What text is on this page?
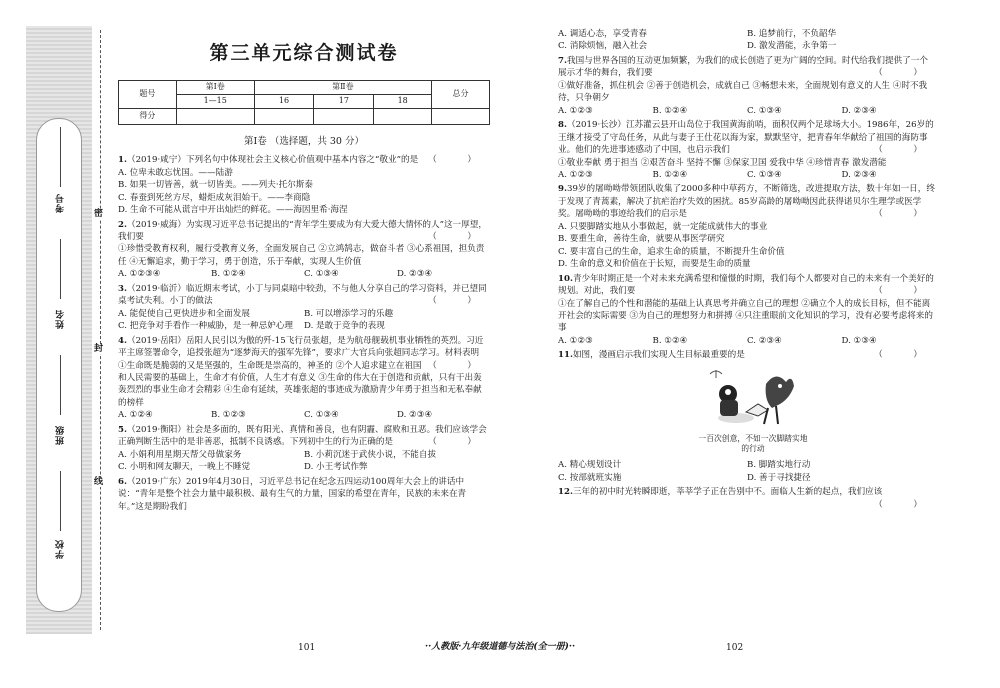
学校
班级
姓名
考号
密
封
线
第三单元综合测试卷
题号	第Ⅰ卷	第Ⅱ卷			总分
	1—15	16	17	18	
得分					
第Ⅰ卷 （选择题，共 30 分）

1.（2019·咸宁）下列名句中体现社会主义核心价值观中基本内容之“敬业”的是 （ ）

A. 位卑未敢忘忧国。——陆游

B. 如果一切皆善，就一切皆美。——列夫·托尔斯泰

C. 春蚕到死丝方尽，蜡炬成灰泪始干。——李商隐

D. 生命不可能从谎言中开出灿烂的鲜花。——海因里希·海涅

2.（2019·威海）为实现习近平总书记提出的“青年学生要成为有大爱大德大情怀的人”这一厚望，我们要	（ ）

①珍惜受教育权利，履行受教育义务，全面发展自己 ②立鸿鹄志，做奋斗者 ③心系祖国，担负责任 ④无懈追求，勤于学习，勇于创造，乐于奉献，实现人生价值

A. ①②③④	B. ①②④	C. ①③④	D. ②③④

3.（2019·临沂）临近期末考试，小丁与同桌暗中较劲，不与他人分享自己的学习资料，并已望同桌考试失利。小丁的做法	（ ）

A. 能促使自己更快进步和全面发展	B. 可以增添学习的乐趣
C. 把竞争对手看作一种威胁，是一种忌妒心理	D. 是敢于竞争的表现

4.（2019·岳阳）岳阳人民引以为傲的歼-15飞行员张超，是为航母舰载机事业牺牲的英烈。习近平主席签署命令，追授张超为“逐梦海天的强军先锋”，要求广大官兵向张超同志学习。材料表明
（ ）

①生命既是脆弱的又是坚强的，生命既是崇高的，神圣的 ②个人追求建立在祖国和人民需要的基础上，生命才有价值，人生才有意义 ③生命的伟大在于创造和贡献，只有干出轰轰烈烈的事业生命才会精彩 ④生命有延续，英雄张超的事迹成为激励青少年勇于担当和无私奉献的榜样

A. ①②④	B. ①②③	C. ①③④	D. ②③④

5.（2019·衡阳）社会是多面的，既有阳光、真情和善良，也有阴霾、腐败和丑恶。我们应该学会正确判断生活中的是非善恶，抵制不良诱惑。下列初中生的行为正确的是	（ ）

A. 小娟利用星期天帮父母做家务	B. 小莉沉迷于武侠小说，不能自拔
C. 小明和网友聊天，一晚上不睡觉	D. 小王考试作弊

6.（2019·广东）2019年4月30日，习近平总书记在纪念五四运动100周年大会上的讲话中说：“青年是整个社会力量中最积极、最有生气的力量，国家的希望在青年，民族的未来在青年。”这是期盼我们

A. 调适心态，享受青春	B. 追梦前行，不负韶华
C. 消除烦恼，融入社会	D. 激发潜能，永争第一

7.我国与世界各国的互动更加频繁，为我们的成长创造了更为广阔的空间。时代给我们提供了一个展示才华的舞台，我们要	（ ）

①做好准备，抓住机会 ②善于创造机会，成就自己 ③畅想未来，全面规划有意义的人生 ④时不我待，只争朝夕

A. ①②③	B. ①②④	C. ①③④	D. ②③④

8.（2019·长沙）江苏灌云县开山岛位于我国黄海前哨，面积仅两个足球场大小。1986年，26岁的王继才接受了守岛任务，从此与妻子王仕花以海为家，默默坚守，把青春年华献给了祖国的海防事业。他们的先进事迹感动了中国，也启示我们	（ ）

①敬业奉献 勇于担当 ②艰苦奋斗 坚持不懈 ③保家卫国 爱我中华 ④珍惜青春 激发潜能

A. ①②③	B. ①②④	C. ①③④	D. ②③④

9.39岁的屠呦呦带领团队收集了2000多种中草药方，不断筛选，改进提取方法，数十年如一日，终于发现了青蒿素，解决了抗疟治疗失效的困扰。85岁高龄的屠呦呦因此获得诺贝尔生理学或医学奖。屠呦呦的事迹给我们的启示是	（ ）

A. 只要脚踏实地从小事做起，就一定能成就伟大的事业

B. 要重生命，善待生命，就要从事医学研究

C. 要丰富自己的生命，追求生命的质量，不断提升生命价值

D. 生命的意义和价值在于长短，而要是生命的质量

10.青少年时期正是一个对未来充满希望和憧憬的时期，我们每个人都要对自己的未来有一个美好的规划。对此，我们要	（ ）

①在了解自己的个性和潜能的基础上认真思考并确立自己的理想 ②确立个人的成长目标，但不能离开社会的实际需要 ③为自己的理想努力和拼搏 ④只注重眼前文化知识的学习，没有必要考虑将来的事

A. ①②③	B. ①②④	C. ②③④	D. ①③④

11.如图，漫画启示我们实现人生目标最重要的是	（ ）

一百次创意，不如一次脚踏实地的行动
A. 精心规划设计	B. 脚踏实地行动
C. 按部就班实施	D. 善于寻找捷径

12.三年的初中时光转瞬即逝，莘莘学子正在告别中不。面临人生新的起点，我们应该
（ ）

101	··人教版·九年级道德与法治(全一册)··	102
